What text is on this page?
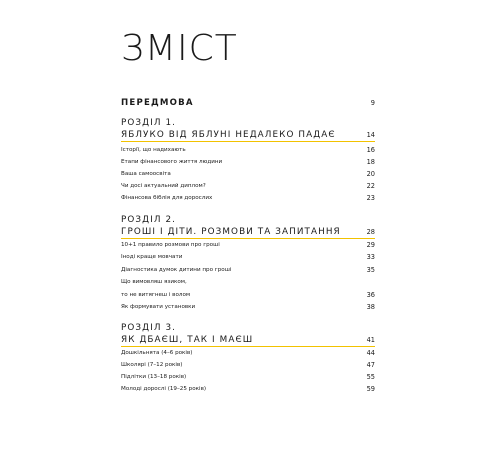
ЗМІСТ
ПЕРЕДМОВА	9
РОЗДІЛ 1.
ЯБЛУКО ВІД ЯБЛУНІ НЕДАЛЕКО ПАДАЄ	14
Історії, що надихають	16
Етапи фінансового життя людини	18
Ваша самоосвіта	20
Чи досі актуальний диплом?	22
Фінансова біблія для дорослих	23
РОЗДІЛ 2.
ГРОШІ І ДІТИ. РОЗМОВИ ТА ЗАПИТАННЯ	28
10+1 правило розмови про гроші	29
Іноді краще мовчати	33
Діагностика думок дитини про гроші	35
Що вимовляш язиком,
то не витягнеш і волом	36
Як формувати установки	38
РОЗДІЛ 3.
ЯК ДБАЄШ, ТАК І МАЄШ	41
Дошкільнята (4–6 років)	44
Школярі (7–12 років)	47
Підлітки (13–18 років)	55
Молоді дорослі (19–25 років)	59
